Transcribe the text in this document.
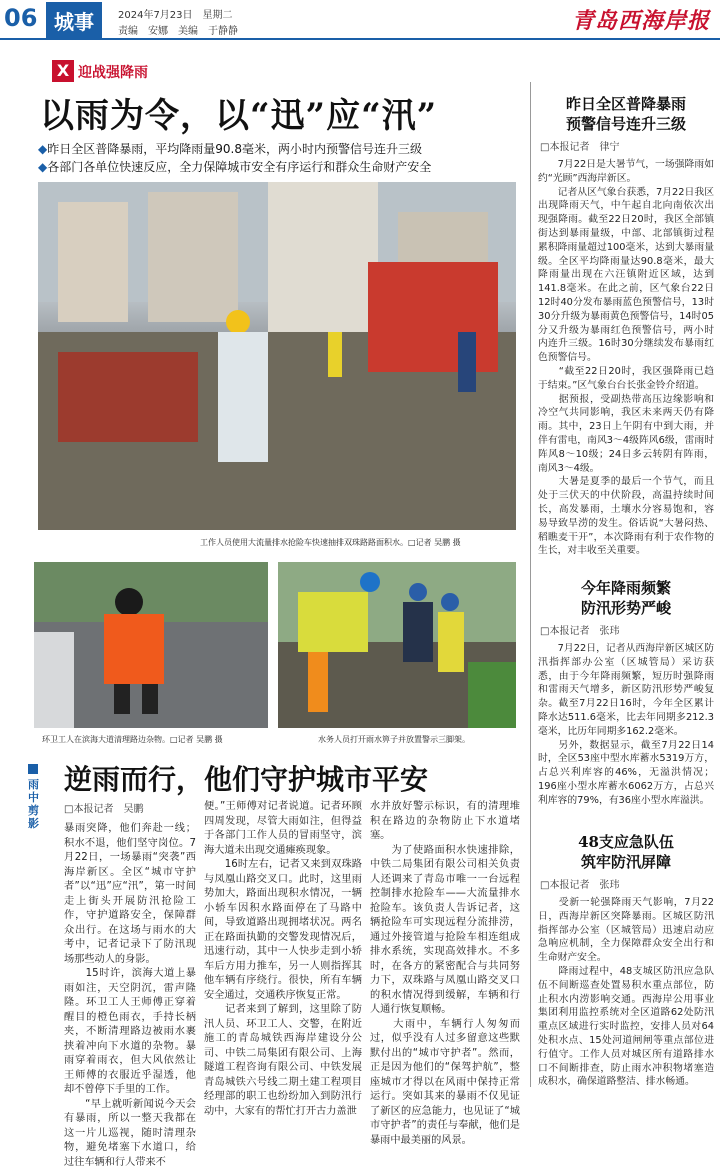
06 城事	2024年7月23日　星期二
责编　安娜　美编　于静静	青岛西海岸报
X 迎战强降雨
以雨为令，以“迅”应“汛”
◆昨日全区普降暴雨，平均降雨量90.8毫米，两小时内预警信号连升三级
◆各部门各单位快速反应，全力保障城市安全有序运行和群众生命财产安全
工作人员使用大流量排水抢险车快速抽排双珠路路面积水。□记者 吴鹏 摄
环卫工人在滨海大道清理路边杂物。□记者 吴鹏 摄	水务人员打开雨水箅子并放置警示三脚架。
雨中剪影
逆雨而行，他们守护城市平安
□本报记者　吴鹏
暴雨突降，他们奔赴一线；积水不退，他们坚守岗位。7月22日，一场暴雨“突袭”西海岸新区。全区“城市守护者”以“迅”应“汛”，第一时间走上街头开展防汛抢险工作，守护道路安全，保障群众出行。在这场与雨水的大考中，记者记录下了防汛现场那些动人的身影。
　　15时许，滨海大道上暴雨如注，天空阴沉，雷声隆隆。环卫工人王师傅正穿着醒目的橙色雨衣，手持长柄夹，不断清理路边被雨水裹挟着冲向下水道的杂物。暴雨穿着雨衣，但大风依然让王师傅的衣服近乎湿透，他却不曾停下手里的工作。
　　“早上就听新闻说今天会有暴雨，所以一整天我都在这一片儿巡视，随时清理杂物，避免堵塞下水道口，给过往车辆和行人带来不
便。”王师傅对记者说道。记者环顾四周发现，尽管大雨如注，但得益于各部门工作人员的冒雨坚守，滨海大道未出现交通瘫痪现象。
　　16时左右，记者又来到双珠路与凤凰山路交叉口。此时，这里雨势加大，路面出现积水情况，一辆小轿车因积水路面停在了马路中间，导致道路出现拥堵状况。两名正在路面执勤的交警发现情况后，迅速行动，其中一人快步走到小轿车后方用力推车，另一人则指挥其他车辆有序绕行。很快，所有车辆安全通过，交通秩序恢复正常。
　　记者来到了解到，这里除了防汛人员、环卫工人、交警，在附近施工的青岛城铁西海岸建设分公司、中铁二局集团有限公司、上海隧道工程咨询有限公司、中铁发展青岛城铁六号线二期土建工程项目经理部的职工也纷纷加入到防汛行动中，大家有的帮忙打开古力盖泄
水并放好警示标识，有的清理堆积在路边的杂物防止下水道堵塞。
　　为了使路面积水快速排除，中铁二局集团有限公司相关负责人还调来了青岛市唯一一台远程控制排水抢险车——大流量排水抢险车。该负责人告诉记者，这辆抢险车可实现远程分流排涝，通过外接管道与抢险车相连组成排水系统，实现高效排水。不多时，在各方的紧密配合与共同努力下，双珠路与凤凰山路交叉口的积水情况得到缓解，车辆和行人通行恢复顺畅。
　　大雨中，车辆行人匆匆而过，似乎没有人过多留意这些默默付出的“城市守护者”。然而，正是因为他们的“保驾护航”，整座城市才得以在风雨中保持正常运行。突如其来的暴雨不仅见证了新区的应急能力，也见证了“城市守护者”的责任与奉献，他们是暴雨中最美丽的风景。
昨日全区普降暴雨
预警信号连升三级
□本报记者　律宁
　　7月22日是大暑节气，一场强降雨如约“光顾”西海岸新区。
　　记者从区气象台获悉，7月22日我区出现降雨天气，中午起自北向南依次出现强降雨。截至22日20时，我区全部镇街达到暴雨量级，中部、北部镇街过程累积降雨量超过100毫米，达到大暴雨量级。全区平均降雨量达90.8毫米，最大降雨量出现在六汪镇附近区域，达到141.8毫米。在此之前，区气象台22日12时40分发布暴雨蓝色预警信号，13时30分升级为暴雨黄色预警信号，14时05分又升级为暴雨红色预警信号，两小时内连升三级。16时30分继续发布暴雨红色预警信号。
　　“截至22日20时，我区强降雨已趋于结束。”区气象台台长张金铃介绍道。
　　据预报，受副热带高压边缘影响和冷空气共同影响，我区未来两天仍有降雨。其中，23日上午阴有中到大雨，并伴有雷电，南风3～4级阵风6级，雷雨时阵风8～10级；24日多云转阴有阵雨，南风3～4级。
　　大暑是夏季的最后一个节气，而且处于三伏天的中伏阶段，高温持续时间长，高发暴雨，土壤水分容易饱和，容易导致旱涝的发生。俗话说“大暑闷热、稻瞧麦干开”，本次降雨有利于农作物的生长，对丰收至关重要。
今年降雨频繁
防汛形势严峻
□本报记者　张玮
　　7月22日，记者从西海岸新区城区防汛指挥部办公室（区城管局）采访获悉，由于今年降雨频繁，短历时强降雨和雷雨天气增多，新区防汛形势严峻复杂。截至7月22日16时，今年全区累计降水达511.6毫米，比去年同期多212.3毫米，比历年同期多162.2毫米。
　　另外，数据显示，截至7月22日14时，全区53座中型水库蓄水5319万方，占总兴利库容的46%，无溢洪情况；196座小型水库蓄水6062万方，占总兴利库容的79%，有36座小型水库溢洪。
48支应急队伍
筑牢防汛屏障
□本报记者　张玮
　　受新一轮强降雨天气影响，7月22日，西海岸新区突降暴雨。区城区防汛指挥部办公室（区城管局）迅速启动应急响应机制，全力保障群众安全出行和生命财产安全。
　　降雨过程中，48支城区防汛应急队伍不间断巡查处置易积水重点部位，防止积水内涝影响交通。西海岸公用事业集团利用监控系统对全区道路62处防汛重点区域进行实时监控，安排人员对64处积水点、15处河道闸闸等重点部位进行值守。工作人员对城区所有道路排水口不间断排查，防止雨水冲积物堵塞造成积水，确保道路整洁、排水畅通。
